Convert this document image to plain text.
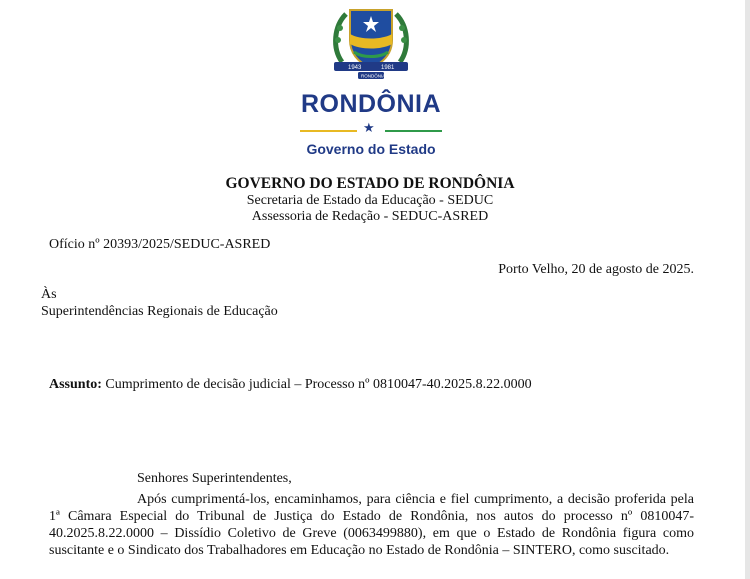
1943	1981
RONDÔNIA
RONDÔNIA
★
Governo do Estado
GOVERNO DO ESTADO DE RONDÔNIA
Secretaria de Estado da Educação - SEDUC
Assessoria de Redação - SEDUC-ASRED
Ofício nº 20393/2025/SEDUC-ASRED
Porto Velho, 20 de agosto de 2025.
Às
Superintendências Regionais de Educação
Assunto: Cumprimento de decisão judicial – Processo nº 0810047-40.2025.8.22.0000
Senhores Superintendentes,
Após cumprimentá-los, encaminhamos, para ciência e fiel cumprimento, a decisão proferida pela 1ª Câmara Especial do Tribunal de Justiça do Estado de Rondônia, nos autos do processo nº 0810047-40.2025.8.22.0000 – Dissídio Coletivo de Greve (0063499880), em que o Estado de Rondônia figura como suscitante e o Sindicato dos Trabalhadores em Educação no Estado de Rondônia – SINTERO, como suscitado.
